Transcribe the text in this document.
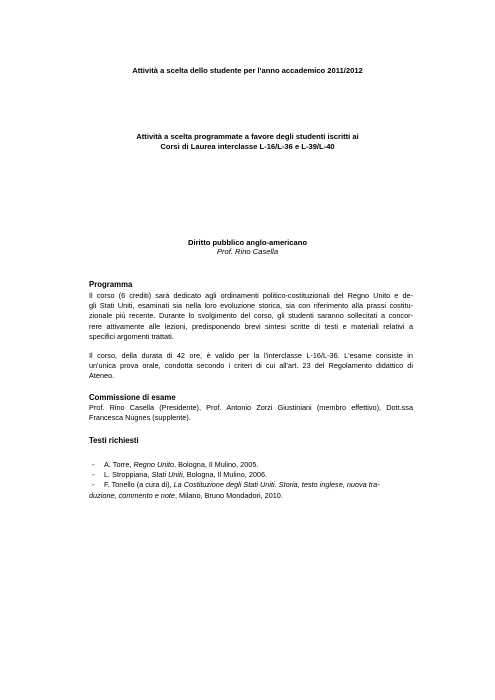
Attività a scelta dello studente per l'anno accademico 2011/2012
Attività a scelta programmate a favore degli studenti iscritti ai
Corsi di Laurea interclasse L-16/L-36 e L-39/L-40
Diritto pubblico anglo-americano
Prof. Rino Casella
Programma
Il corso (6 crediti) sarà dedicato agli ordinamenti politico-costituzionali del Regno Unito e de-
gli Stati Uniti, esaminati sia nella loro evoluzione storica, sia con riferimento alla prassi costitu-
zionale più recente. Durante lo svolgimento del corso, gli studenti saranno sollecitati a concor-
rere attivamente alle lezioni, predisponendo brevi sintesi scritte di testi e materiali relativi a
specifici argomenti trattati.
Il corso, della durata di 42 ore, è valido per la l'interclasse L-16/L-36. L'esame consiste in
un'unica prova orale, condotta secondo i criteri di cui all'art. 23 del Regolamento didattico di
Ateneo.
Commissione di esame
Prof. Rino Casella (Presidente), Prof. Antonio Zorzi Giustiniani (membro effettivo), Dott.ssa
Francesca Nugnes (supplente).
Testi richiesti
- A. Torre, Regno Unito, Bologna, Il Mulino, 2005.
- L. Stroppiana, Stati Uniti, Bologna, Il Mulino, 2006.
- F. Tonello (a cura di), La Costituzione degli Stati Uniti. Storia, testo inglese, nuova tra-
duzione, commento e note, Milano, Bruno Mondadori, 2010.
